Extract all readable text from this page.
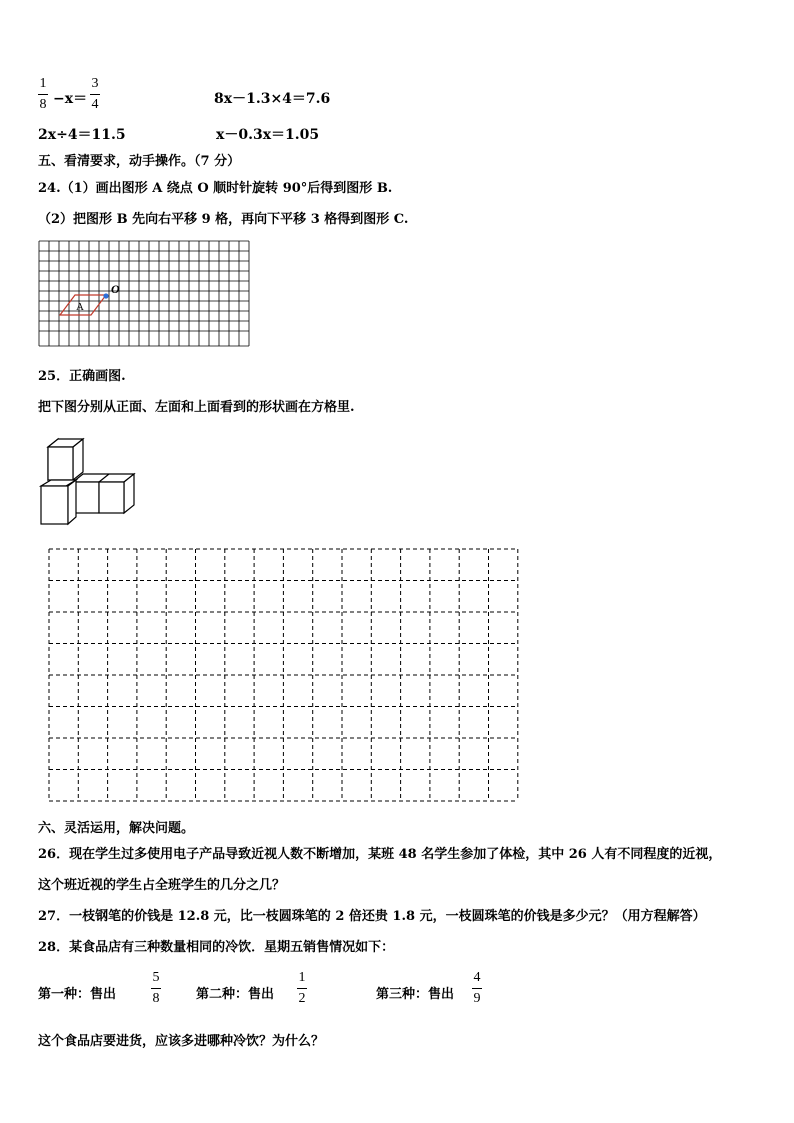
1
8 −x＝
3
4	8x－1.3×4＝7.6
2x÷4＝11.5	x－0.3x＝1.05
五、看清要求，动手操作。（7 分）
24.（1）画出图形 A 绕点 O 顺时针旋转 90°后得到图形 B.
（2）把图形 B 先向右平移 9 格，再向下平移 3 格得到图形 C.
O
A
25．正确画图.
把下图分别从正面、左面和上面看到的形状画在方格里.
六、灵活运用，解决问题。
26．现在学生过多使用电子产品导致近视人数不断增加，某班 48 名学生参加了体检，其中 26 人有不同程度的近视，
这个班近视的学生占全班学生的几分之几？
27．一枝钢笔的价钱是 12.8 元，比一枝圆珠笔的 2 倍还贵 1.8 元，一枝圆珠笔的价钱是多少元？（用方程解答）
28．某食品店有三种数量相同的冷饮．星期五销售情况如下：
第一种：售出
5
8	第二种：售出
1
2	第三种：售出
4
9
这个食品店要进货，应该多进哪种冷饮？为什么？
